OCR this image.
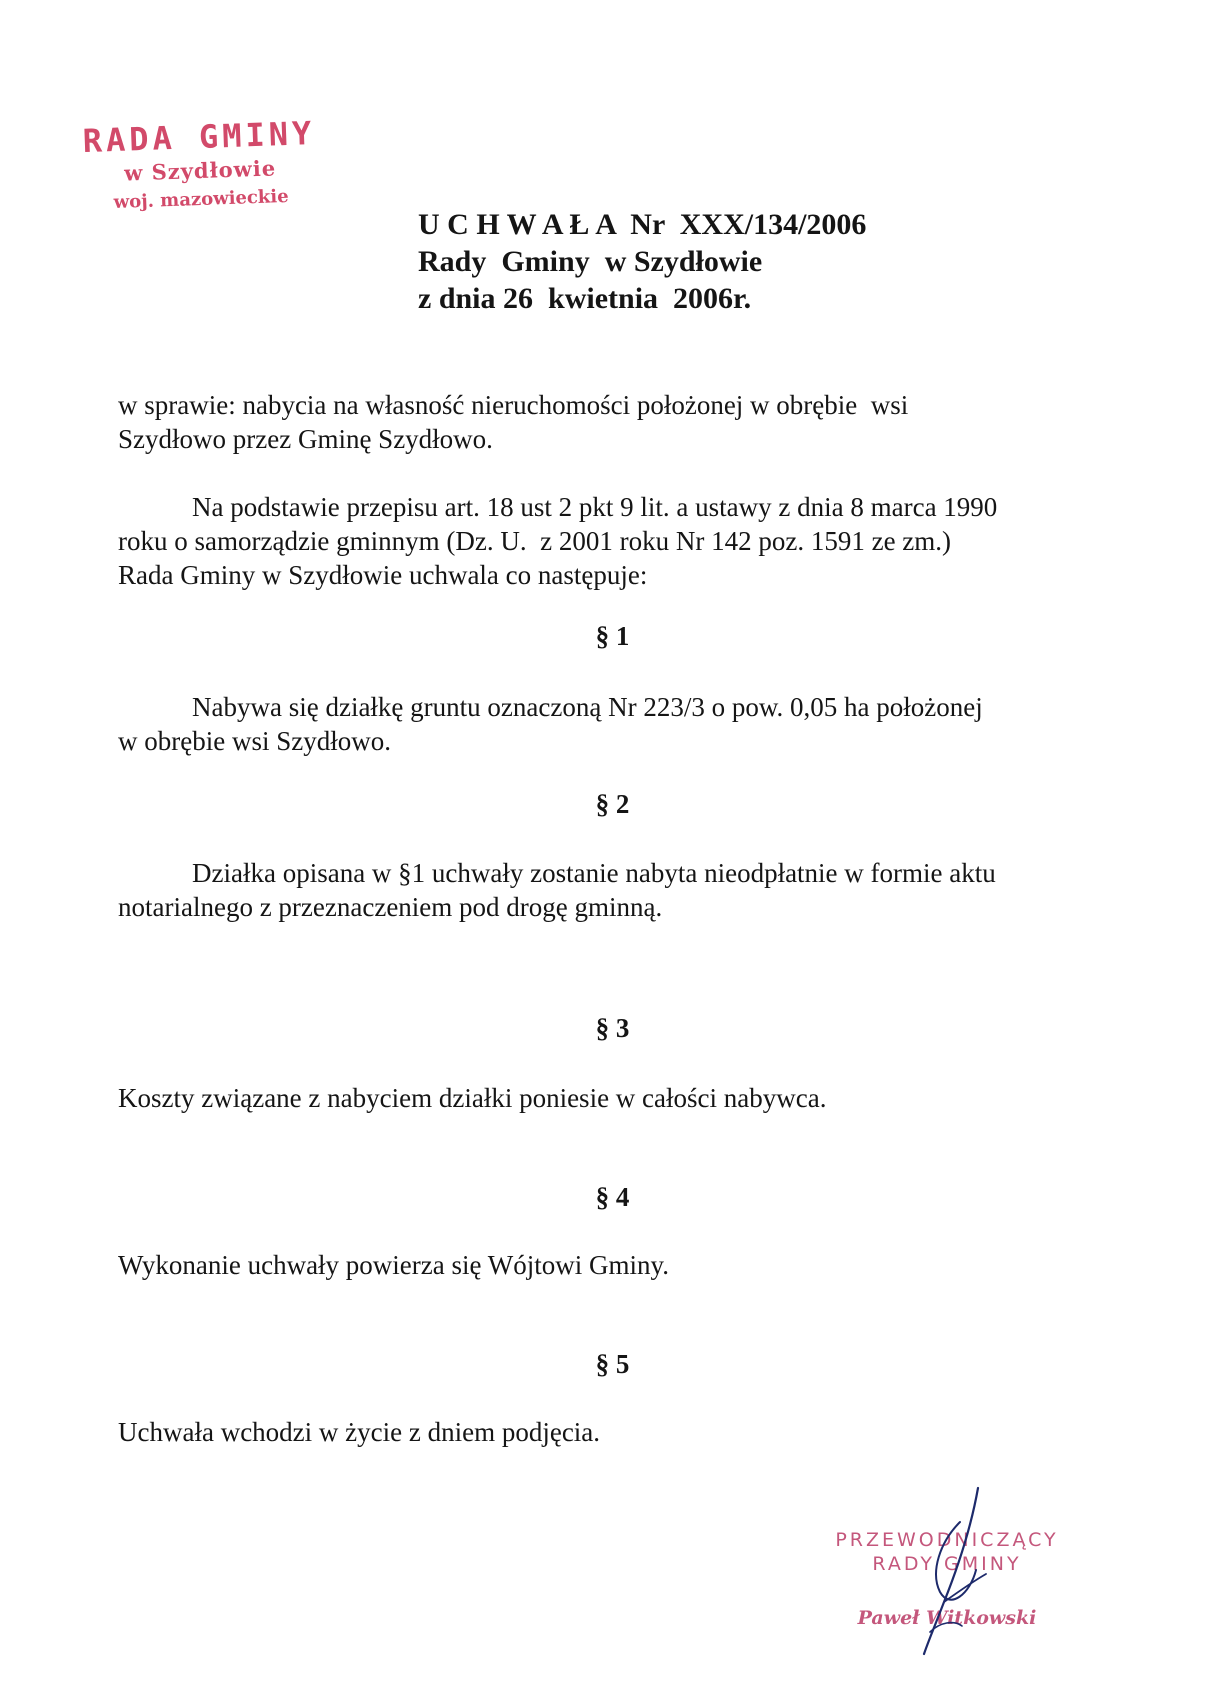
RADA GMINY
w Szydłowie
woj. mazowieckie
U C H W A Ł A  Nr  XXX/134/2006
Rady  Gminy  w Szydłowie
z dnia 26  kwietnia  2006r.
w sprawie: nabycia na własność nieruchomości położonej w obrębie  wsi
Szydłowo przez Gminę Szydłowo.
Na podstawie przepisu art. 18 ust 2 pkt 9 lit. a ustawy z dnia 8 marca 1990
roku o samorządzie gminnym (Dz. U.  z 2001 roku Nr 142 poz. 1591 ze zm.)
Rada Gminy w Szydłowie uchwala co następuje:
§ 1
Nabywa się działkę gruntu oznaczoną Nr 223/3 o pow. 0,05 ha położonej
w obrębie wsi Szydłowo.
§ 2
Działka opisana w §1 uchwały zostanie nabyta nieodpłatnie w formie aktu
notarialnego z przeznaczeniem pod drogę gminną.
§ 3
Koszty związane z nabyciem działki poniesie w całości nabywca.
§ 4
Wykonanie uchwały powierza się Wójtowi Gminy.
§ 5
Uchwała wchodzi w życie z dniem podjęcia.
PRZEWODNICZĄCY
RADY GMINY
Paweł Witkowski
